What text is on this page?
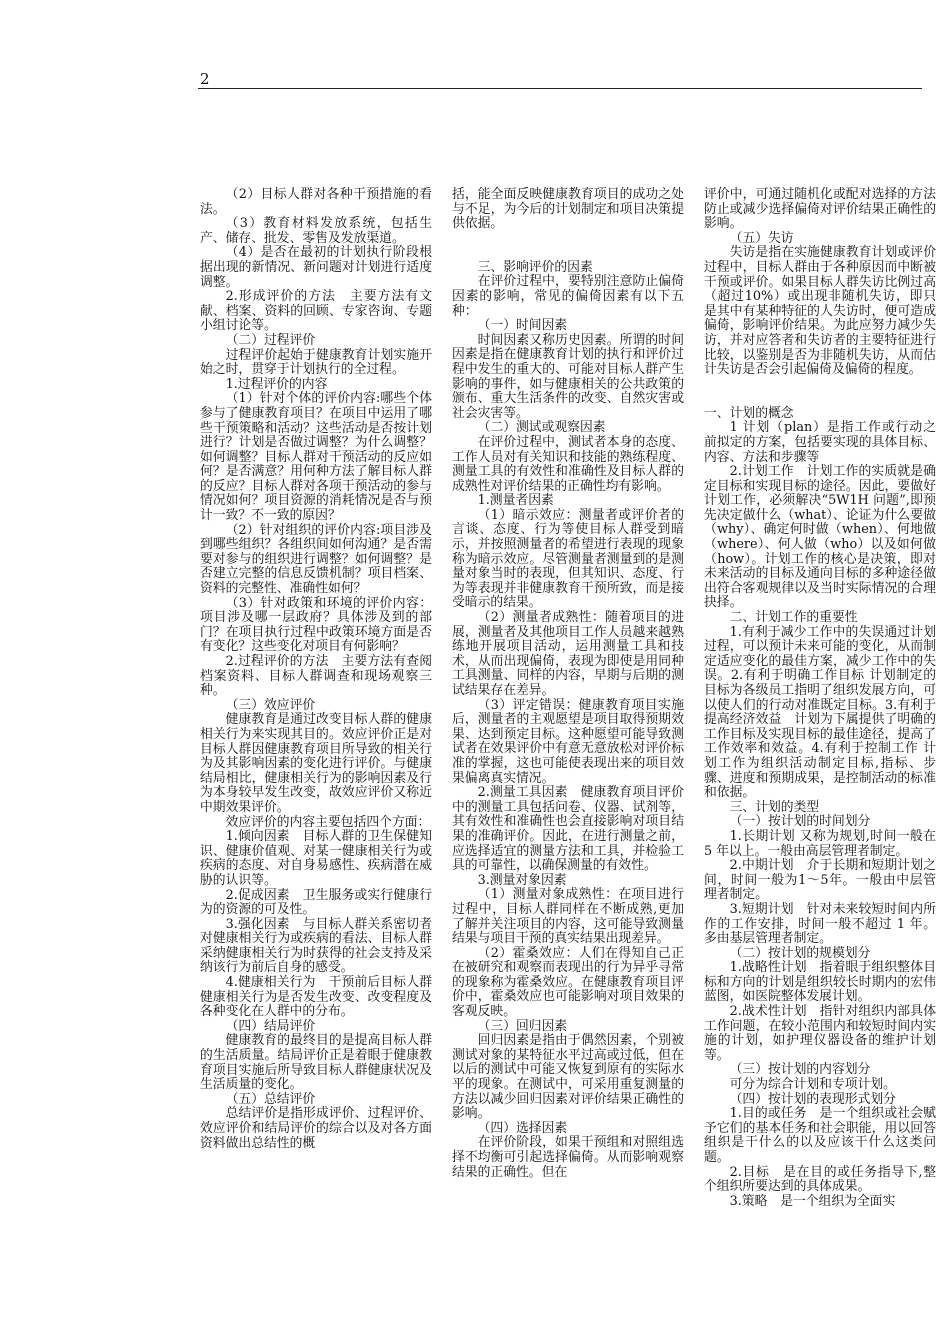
2

（2）目标人群对各种干预措施的看法。

（3）教育材料发放系统，包括生产、储存、批发、零售及发放渠道。

（4）是否在最初的计划执行阶段根据出现的新情况、新问题对计划进行适度调整。

2.形成评价的方法　主要方法有文献、档案、资料的回顾、专家咨询、专题小组讨论等。

（二）过程评价

过程评价起始于健康教育计划实施开始之时，贯穿于计划执行的全过程。

1.过程评价的内容

（1）针对个体的评价内容:哪些个体参与了健康教育项目？在项目中运用了哪些干预策略和活动？这些活动是否按计划进行？计划是否做过调整？为什么调整？如何调整？目标人群对干预活动的反应如何？是否满意？用何种方法了解目标人群的反应？目标人群对各项干预活动的参与情况如何？项目资源的消耗情况是否与预计一致？不一致的原因？

（2）针对组织的评价内容:项目涉及到哪些组织？各组织间如何沟通？是否需要对参与的组织进行调整？如何调整？是否建立完整的信息反馈机制？项目档案、资料的完整性、准确性如何？

（3）针对政策和环境的评价内容：项目涉及哪一层政府？具体涉及到的部门？在项目执行过程中政策环境方面是否有变化？这些变化对项目有何影响？

2.过程评价的方法　主要方法有查阅档案资料、目标人群调查和现场观察三种。

（三）效应评价

健康教育是通过改变目标人群的健康相关行为来实现其目的。效应评价正是对目标人群因健康教育项目所导致的相关行为及其影响因素的变化进行评价。与健康结局相比，健康相关行为的影响因素及行为本身较早发生改变，故效应评价又称近中期效果评价。

效应评价的内容主要包括四个方面：

1.倾向因素　目标人群的卫生保健知识、健康价值观、对某一健康相关行为或疾病的态度、对自身易感性、疾病潜在威胁的认识等。

2.促成因素　卫生服务或实行健康行为的资源的可及性。

3.强化因素　与目标人群关系密切者对健康相关行为或疾病的看法、目标人群采纳健康相关行为时获得的社会支持及采纳该行为前后自身的感受。

4.健康相关行为　干预前后目标人群健康相关行为是否发生改变、改变程度及各种变化在人群中的分布。

（四）结局评价

健康教育的最终目的是提高目标人群的生活质量。结局评价正是着眼于健康教育项目实施后所导致目标人群健康状况及生活质量的变化。

（五）总结评价

总结评价是指形成评价、过程评价、效应评价和结局评价的综合以及对各方面资料做出总结性的概

括，能全面反映健康教育项目的成功之处与不足，为今后的计划制定和项目决策提供依据。

三、影响评价的因素

在评价过程中，要特别注意防止偏倚因素的影响，常见的偏倚因素有以下五种：

（一）时间因素

时间因素又称历史因素。所谓的时间因素是指在健康教育计划的执行和评价过程中发生的重大的、可能对目标人群产生影响的事件，如与健康相关的公共政策的颁布、重大生活条件的改变、自然灾害或社会灾害等。

（二）测试或观察因素

在评价过程中，测试者本身的态度、工作人员对有关知识和技能的熟练程度、测量工具的有效性和准确性及目标人群的成熟性对评价结果的正确性均有影响。

1.测量者因素

（1）暗示效应：测量者或评价者的言谈、态度、行为等使目标人群受到暗示，并按照测量者的希望进行表现的现象称为暗示效应。尽管测量者测量到的是测量对象当时的表现，但其知识、态度、行为等表现并非健康教育干预所致，而是接受暗示的结果。

（2）测量者成熟性：随着项目的进展，测量者及其他项目工作人员越来越熟练地开展项目活动，运用测量工具和技术，从而出现偏倚，表现为即使是用同种工具测量、同样的内容，早期与后期的测试结果存在差异。

（3）评定错误：健康教育项目实施后，测量者的主观愿望是项目取得预期效果、达到预定目标。这种愿望可能导致测试者在效果评价中有意无意放松对评价标准的掌握，这也可能使表现出来的项目效果偏离真实情况。

2.测量工具因素　健康教育项目评价中的测量工具包括问卷、仪器、试剂等，其有效性和准确性也会直接影响对项目结果的准确评价。因此，在进行测量之前，应选择适宜的测量方法和工具，并检验工具的可靠性，以确保测量的有效性。

3.测量对象因素

（1）测量对象成熟性：在项目进行过程中，目标人群同样在不断成熟,更加了解并关注项目的内容，这可能导致测量结果与项目干预的真实结果出现差异。

（2）霍桑效应：人们在得知自己正在被研究和观察而表现出的行为异乎寻常的现象称为霍桑效应。在健康教育项目评价中，霍桑效应也可能影响对项目效果的客观反映。

（三）回归因素

回归因素是指由于偶然因素，个别被测试对象的某特征水平过高或过低，但在以后的测试中可能又恢复到原有的实际水平的现象。在测试中，可采用重复测量的方法以减少回归因素对评价结果正确性的影响。

（四）选择因素

在评价阶段，如果干预组和对照组选择不均衡可引起选择偏倚。从而影响观察结果的正确性。但在

评价中，可通过随机化或配对选择的方法防止或减少选择偏倚对评价结果正确性的影响。

（五）失访

失访是指在实施健康教育计划或评价过程中，目标人群由于各种原因而中断被干预或评价。如果目标人群失访比例过高（超过10%）或出现非随机失访，即只是其中有某种特征的人失访时，便可造成偏倚，影响评价结果。为此应努力减少失访，并对应答者和失访者的主要特征进行比较，以鉴别是否为非随机失访，从而估计失访是否会引起偏倚及偏倚的程度。

一、计划的概念

1 计划（plan）是指工作或行动之前拟定的方案，包括要实现的具体目标、内容、方法和步骤等

2.计划工作　计划工作的实质就是确定目标和实现目标的途径。因此，要做好计划工作，必须解决“5W1H 问题”,即预先决定做什么（what）、论证为什么要做（why）、确定何时做（when）、何地做（where）、何人做（who）以及如何做（how）。计划工作的核心是决策，即对未来活动的目标及通向目标的多种途径做出符合客观规律以及当时实际情况的合理抉择。

二、计划工作的重要性

1.有利于减少工作中的失误通过计划过程，可以预计未来可能的变化，从而制定适应变化的最佳方案，减少工作中的失误。2.有利于明确工作目标 计划制定的目标为各级员工指明了组织发展方向，可以使人们的行动对准既定目标。3.有利于提高经济效益　计划为下属提供了明确的工作目标及实现目标的最佳途径，提高了工作效率和效益。4.有利于控制工作 计划工作为组织活动制定目标,指标、步骤、进度和预期成果，是控制活动的标准和依据。

三、计划的类型

（一）按计划的时间划分

1.长期计划 又称为规划,时间一般在 5 年以上。一般由高层管理者制定。

2.中期计划　介于长期和短期计划之间，时间一般为1～5年。一般由中层管理者制定。

3.短期计划　针对未来较短时间内所作的工作安排，时间一般不超过 1 年。多由基层管理者制定。

（二）按计划的规模划分

1.战略性计划　指着眼于组织整体目标和方向的计划是组织较长时期内的宏伟蓝图，如医院整体发展计划。

2.战术性计划　指针对组织内部具体工作问题，在较小范围内和较短时间内实施的计划，如护理仪器设备的维护计划等。

（三）按计划的内容划分

可分为综合计划和专项计划。

（四）按计划的表现形式划分

1.目的或任务　是一个组织或社会赋予它们的基本任务和社会职能，用以回答组织是干什么的以及应该干什么这类问题。

2.目标　是在目的或任务指导下,整个组织所要达到的具体成果。

3.策略　是一个组织为全面实
